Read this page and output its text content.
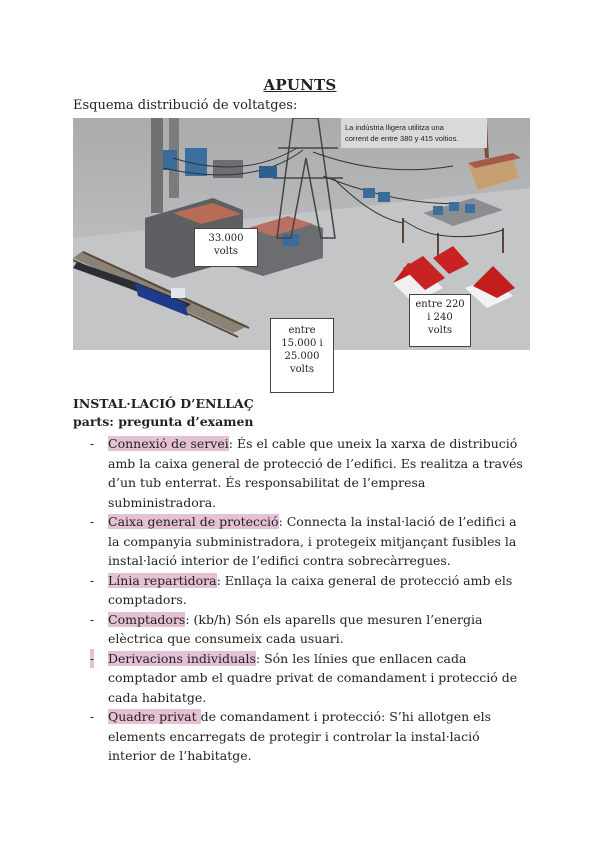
APUNTS
Esquema distribució de voltatges:
La indústria lligera utilitza una
corrent de entre 380 y 415 voltios.
33.000
volts
entre 220
i 240
volts
entre
15.000 i
25.000
volts
INSTAL·LACIÓ D’ENLLAÇ
parts: pregunta d’examen
- Connexió de servei: És el cable que uneix la xarxa de distribució amb la caixa general de protecció de l’edifici. Es realitza a través d’un tub enterrat. És responsabilitat de l’empresa subministradora.
- Caixa general de protecció: Connecta la instal·lació de l’edifici a la companyia subministradora, i protegeix mitjançant fusibles la instal·lació interior de l’edifici contra sobrecàrregues.
- Línia repartidora: Enllaça la caixa general de protecció amb els comptadors.
- Comptadors: (kb/h) Són els aparells que mesuren l’energia elèctrica que consumeix cada usuari.
- Derivacions individuals: Són les línies que enllacen cada comptador amb el quadre privat de comandament i protecció de cada habitatge.
- Quadre privat de comandament i protecció: S’hi allotgen els elements encarregats de protegir i controlar la instal·lació interior de l’habitatge.
